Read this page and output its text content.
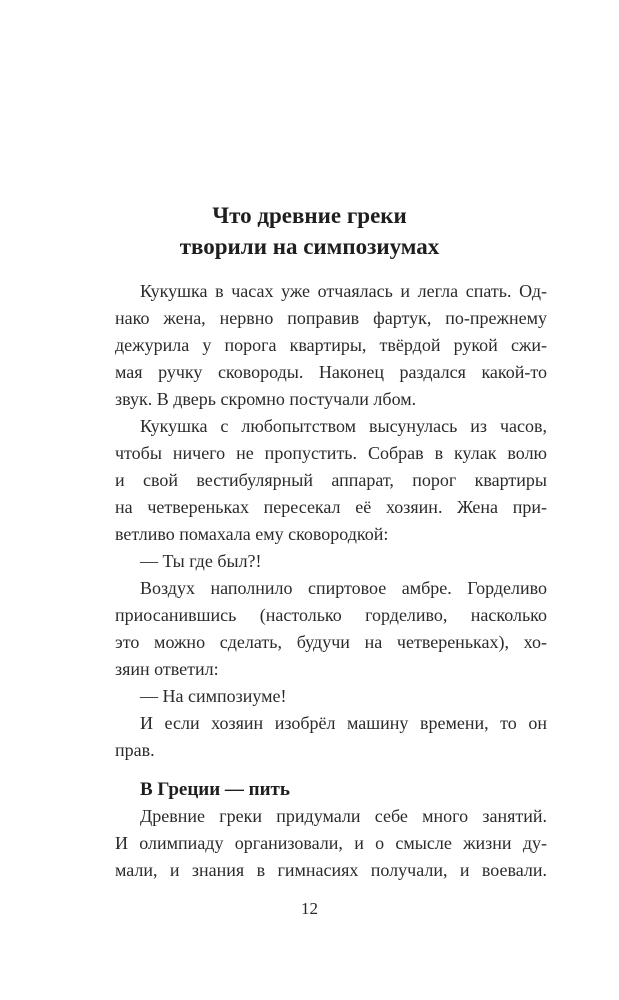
Что древние греки
творили на симпозиумах
Кукушка в часах уже отчаялась и легла спать. Од-
нако жена, нервно поправив фартук, по-прежнему
дежурила у порога квартиры, твёрдой рукой сжи-
мая ручку сковороды. Наконец раздался какой-то
звук. В дверь скромно постучали лбом.
Кукушка с любопытством высунулась из часов,
чтобы ничего не пропустить. Собрав в кулак волю
и свой вестибулярный аппарат, порог квартиры
на четвереньках пересекал её хозяин. Жена при-
ветливо помахала ему сковородкой:
— Ты где был?!
Воздух наполнило спиртовое амбре. Горделиво
приосанившись (настолько горделиво, насколько
это можно сделать, будучи на четвереньках), хо-
зяин ответил:
— На симпозиуме!
И если хозяин изобрёл машину времени, то он
прав.
В Греции — пить
Древние греки придумали себе много занятий.
И олимпиаду организовали, и о смысле жизни ду-
мали, и знания в гимнасиях получали, и воевали.
12
